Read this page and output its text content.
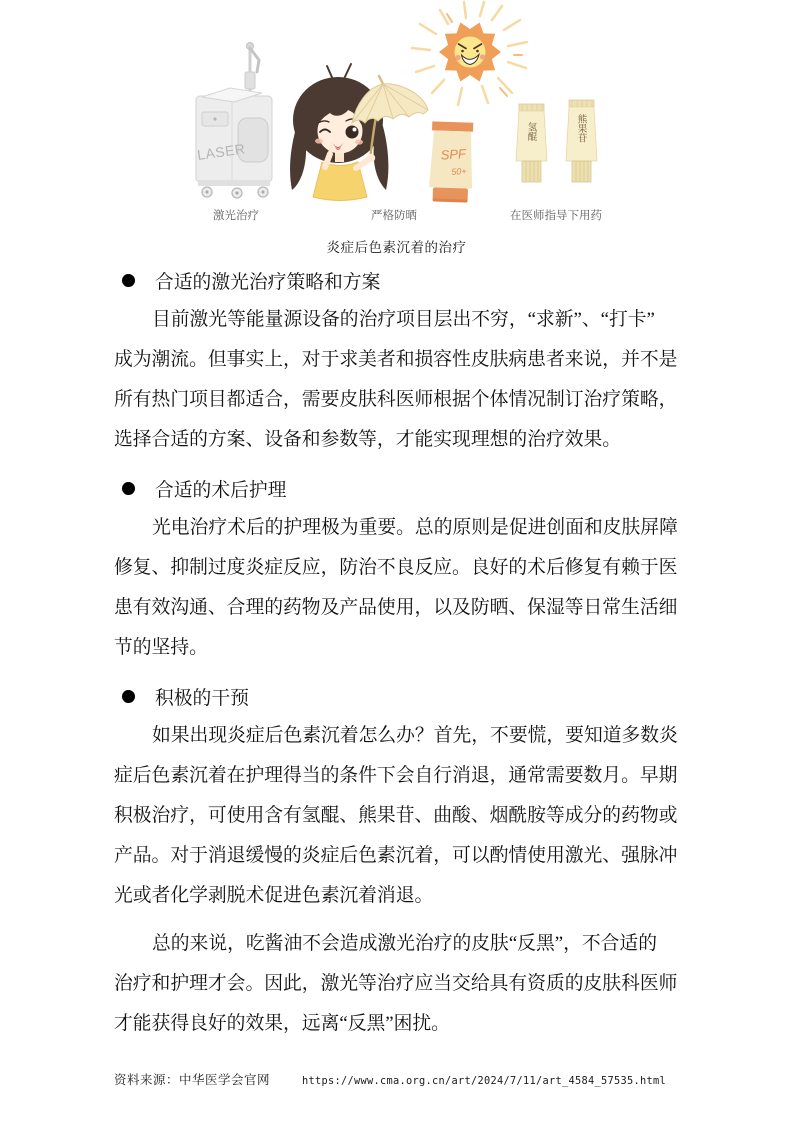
LASER	SPF
50+
氢醌	熊果苷
激光治疗	严格防晒	在医师指导下用药
炎症后色素沉着的治疗
合适的激光治疗策略和方案
目前激光等能量源设备的治疗项目层出不穷，“求新”、“打卡”
成为潮流。但事实上，对于求美者和损容性皮肤病患者来说，并不是
所有热门项目都适合，需要皮肤科医师根据个体情况制订治疗策略，
选择合适的方案、设备和参数等，才能实现理想的治疗效果。
合适的术后护理
光电治疗术后的护理极为重要。总的原则是促进创面和皮肤屏障
修复、抑制过度炎症反应，防治不良反应。良好的术后修复有赖于医
患有效沟通、合理的药物及产品使用，以及防晒、保湿等日常生活细
节的坚持。
积极的干预
如果出现炎症后色素沉着怎么办？首先，不要慌，要知道多数炎
症后色素沉着在护理得当的条件下会自行消退，通常需要数月。早期
积极治疗，可使用含有氢醌、熊果苷、曲酸、烟酰胺等成分的药物或
产品。对于消退缓慢的炎症后色素沉着，可以酌情使用激光、强脉冲
光或者化学剥脱术促进色素沉着消退。
总的来说，吃酱油不会造成激光治疗的皮肤“反黑”，不合适的
治疗和护理才会。因此，激光等治疗应当交给具有资质的皮肤科医师
才能获得良好的效果，远离“反黑”困扰。
资料来源：中华医学会官网	https://www.cma.org.cn/art/2024/7/11/art_4584_57535.html
